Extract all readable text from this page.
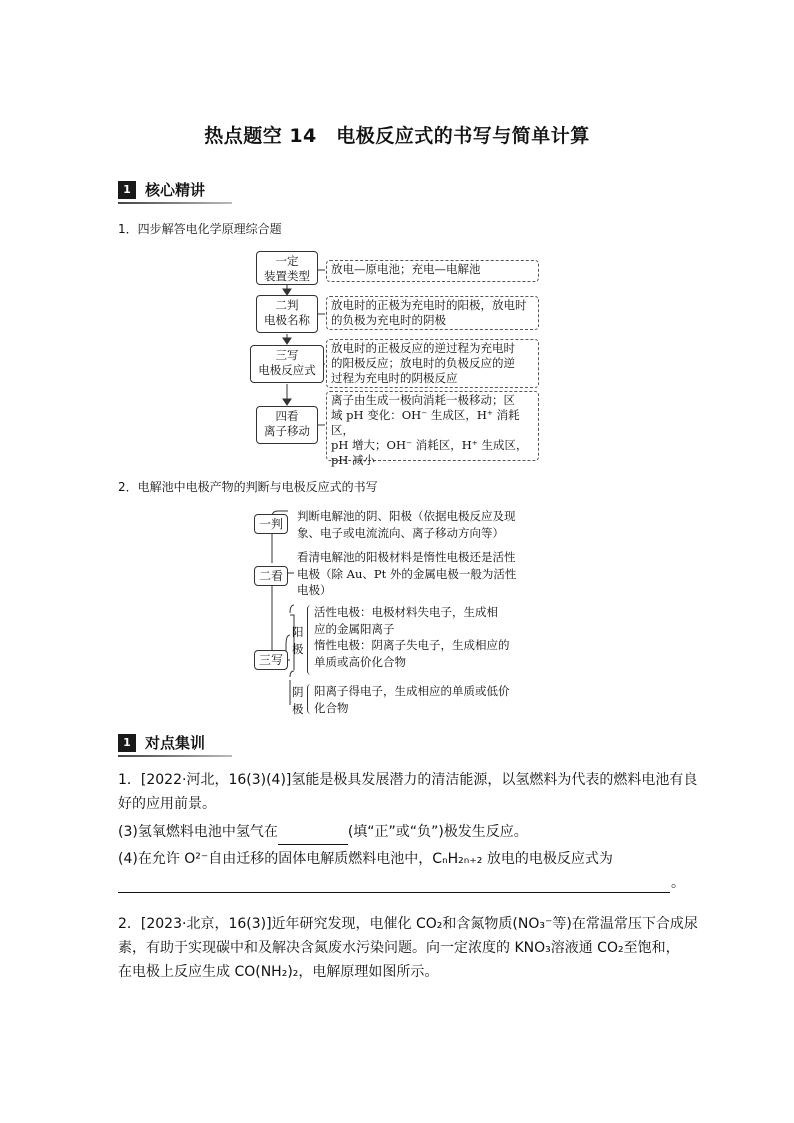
热点题空 14　电极反应式的书写与简单计算
1 核心精讲
1．四步解答电化学原理综合题
一定
装置类型
二判
电极名称
三写
电极反应式
四看
离子移动
放电—原电池；充电—电解池
放电时的正极为充电时的阳极，放电时
的负极为充电时的阴极
放电时的正极反应的逆过程为充电时
的阳极反应；放电时的负极反应的逆
过程为充电时的阴极反应
离子由生成一极向消耗一极移动；区
域 pH 变化：OH⁻ 生成区，H⁺ 消耗区，
pH 增大；OH⁻ 消耗区，H⁺ 生成区，
pH 减小
2．电解池中电极产物的判断与电极反应式的书写
一判
二看
三写
判断电解池的阴、阳极（依据电极反应及现
象、电子或电流流向、离子移动方向等）
看清电解池的阳极材料是惰性电极还是活性
电极（除 Au、Pt 外的金属电极一般为活性
电极）
阳
极
活性电极：电极材料失电子，生成相
应的金属阳离子
惰性电极：阴离子失电子，生成相应的
单质或高价化合物
阴
极
阳离子得电子，生成相应的单质或低价
化合物
1 对点集训
1．[2022·河北，16(3)(4)]氢能是极具发展潜力的清洁能源，以氢燃料为代表的燃料电池有良
好的应用前景。
(3)氢氧燃料电池中氢气在	(填“正”或“负”)极发生反应。
(4)在允许 O²⁻自由迁移的固体电解质燃料电池中，CₙH₂ₙ₊₂ 放电的电极反应式为
。
2．[2023·北京，16(3)]近年研究发现，电催化 CO₂和含氮物质(NO₃⁻等)在常温常压下合成尿
素，有助于实现碳中和及解决含氮废水污染问题。向一定浓度的 KNO₃溶液通 CO₂至饱和，
在电极上反应生成 CO(NH₂)₂，电解原理如图所示。
